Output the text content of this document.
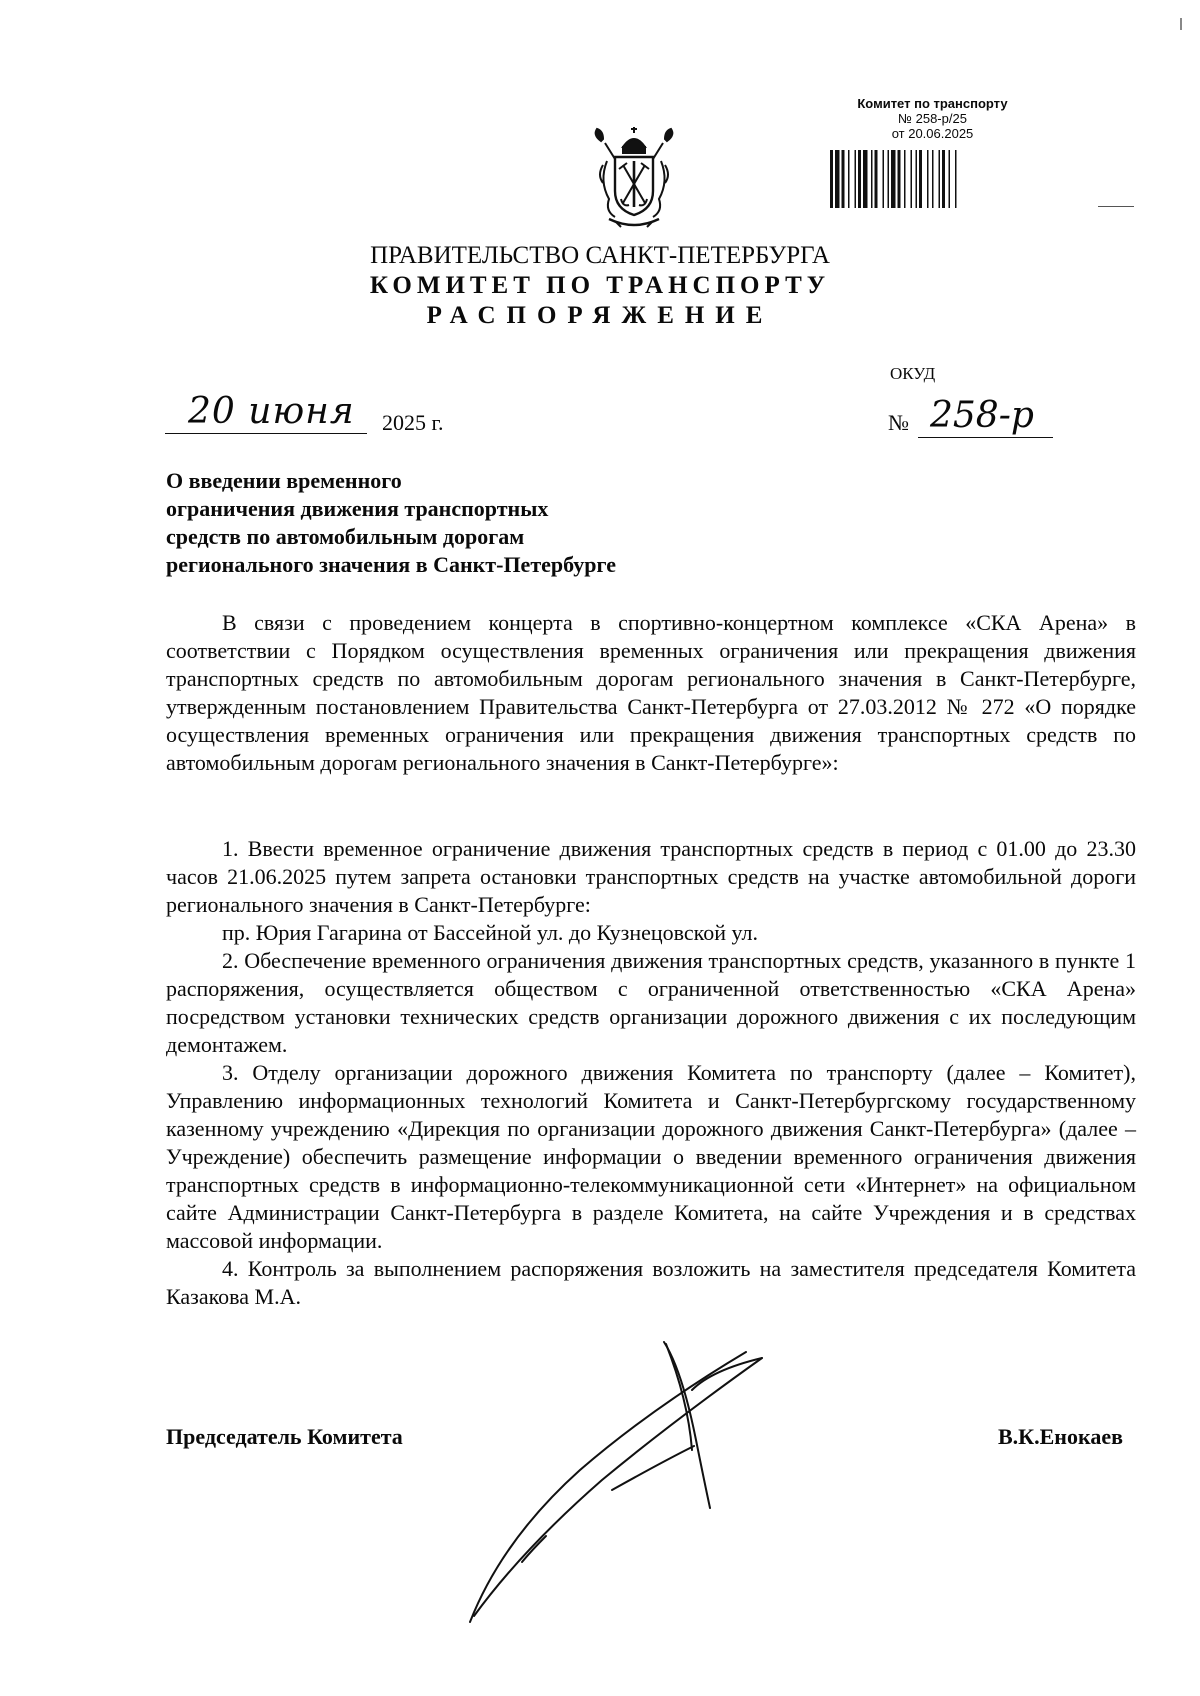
Комитет по транспорту
№ 258-р/25
от 20.06.2025
ПРАВИТЕЛЬСТВО САНКТ-ПЕТЕРБУРГА
КОМИТЕТ ПО ТРАНСПОРТУ
РАСПОРЯЖЕНИЕ
ОКУД
20 июня 2025 г.	№ 258-р
О введении временного
ограничения движения транспортных
средств по автомобильным дорогам
регионального значения в Санкт-Петербурге

В связи с проведением концерта в спортивно-концертном комплексе «СКА Арена» в соответствии с Порядком осуществления временных ограничения или прекращения движения транспортных средств по автомобильным дорогам регионального значения в Санкт-Петербурге, утвержденным постановлением Правительства Санкт-Петербурга от 27.03.2012 № 272 «О порядке осуществления временных ограничения или прекращения движения транспортных средств по автомобильным дорогам регионального значения в Санкт-Петербурге»:

1. Ввести временное ограничение движения транспортных средств в период с 01.00 до 23.30 часов 21.06.2025 путем запрета остановки транспортных средств на участке автомобильной дороги регионального значения в Санкт-Петербурге:

пр. Юрия Гагарина от Бассейной ул. до Кузнецовской ул.

2. Обеспечение временного ограничения движения транспортных средств, указанного в пункте 1 распоряжения, осуществляется обществом с ограниченной ответственностью «СКА Арена» посредством установки технических средств организации дорожного движения с их последующим демонтажем.

3. Отделу организации дорожного движения Комитета по транспорту (далее – Комитет), Управлению информационных технологий Комитета и Санкт-Петербургскому государственному казенному учреждению «Дирекция по организации дорожного движения Санкт-Петербурга» (далее – Учреждение) обеспечить размещение информации о введении временного ограничения движения транспортных средств в информационно-телекоммуникационной сети «Интернет» на официальном сайте Администрации Санкт-Петербурга в разделе Комитета, на сайте Учреждения и в средствах массовой информации.

4. Контроль за выполнением распоряжения возложить на заместителя председателя Комитета Казакова М.А.

Председатель Комитета	В.К.Енокаев
